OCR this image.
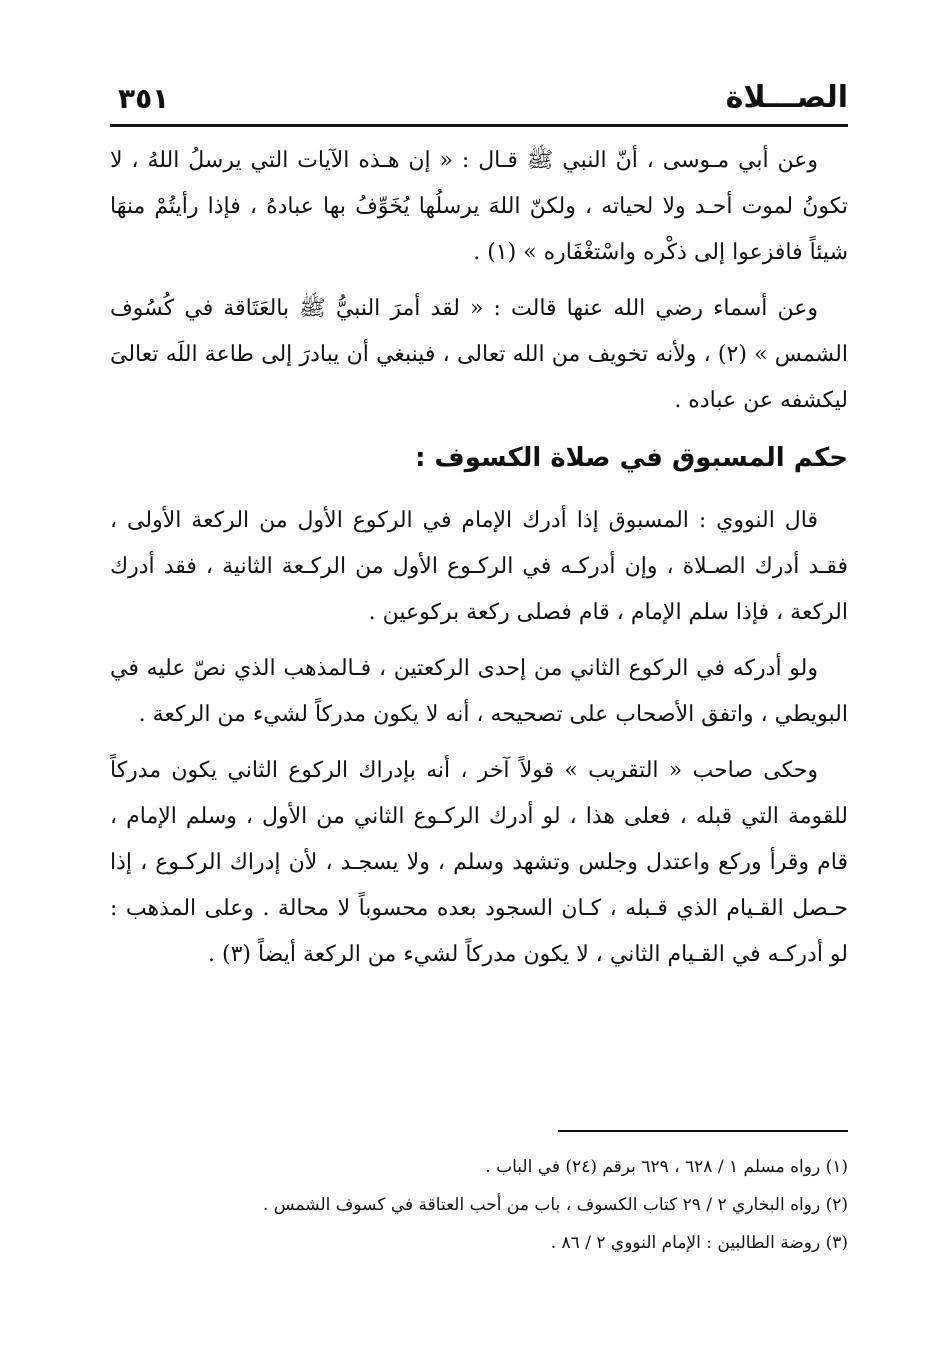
الصـــلاة
٣٥١

وعن أبي مـوسى ، أنّ النبي ﷺ قـال : « إن هـذه الآيات التي يرسلُ اللهُ ، لا تكونُ لموت أحـد ولا لحياته ، ولكنّ اللهَ يرسلُها يُخَوِّفُ بها عبادهُ ، فإذا رأيتُمْ منهَا شيئاً فافزعوا إلى ذكْره واسْتغْفَاره » (١) .

وعن أسماء رضي الله عنها قالت : « لقد أمرَ النبيُّ ﷺ بالعَتَاقة في كُسُوف الشمس » (٢) ، ولأنه تخويف من الله تعالى ، فينبغي أن يبادرَ إلى طاعة اللَه تعالىَ ليكشفه عن عباده .

حكم المسبوق في صلاة الكسوف :

قال النووي : المسبوق إذا أدرك الإمام في الركوع الأول من الركعة الأولى ، فقـد أدرك الصـلاة ، وإن أدركـه في الركـوع الأول من الركـعة الثانية ، فقد أدرك الركعة ، فإذا سلم الإمام ، قام فصلى ركعة بركوعين .

ولو أدركه في الركوع الثاني من إحدى الركعتين ، فـالمذهب الذي نصّ عليه في البويطي ، واتفق الأصحاب على تصحيحه ، أنه لا يكون مدركاً لشيء من الركعة .

وحكى صاحب « التقريب » قولاً آخر ، أنه بإدراك الركوع الثاني يكون مدركاً للقومة التي قبله ، فعلى هذا ، لو أدرك الركـوع الثاني من الأول ، وسلم الإمام ، قام وقرأ وركع واعتدل وجلس وتشهد وسلم ، ولا يسجـد ، لأن إدراك الركـوع ، إذا حـصل القـيام الذي قـبله ، كـان السجود بعده محسوباً لا محالة . وعلى المذهب : لو أدركـه في القـيام الثاني ، لا يكون مدركاً لشيء من الركعة أيضاً (٣) .

(١) رواه مسلم ١ / ٦٢٨ ، ٦٢٩ برقم (٢٤) في الباب .

(٢) رواه البخاري ٢ / ٢٩ كتاب الكسوف ، باب من أحب العتاقة في كسوف الشمس .

(٣) روضة الطالبين : الإمام النووي ٢ / ٨٦ .
